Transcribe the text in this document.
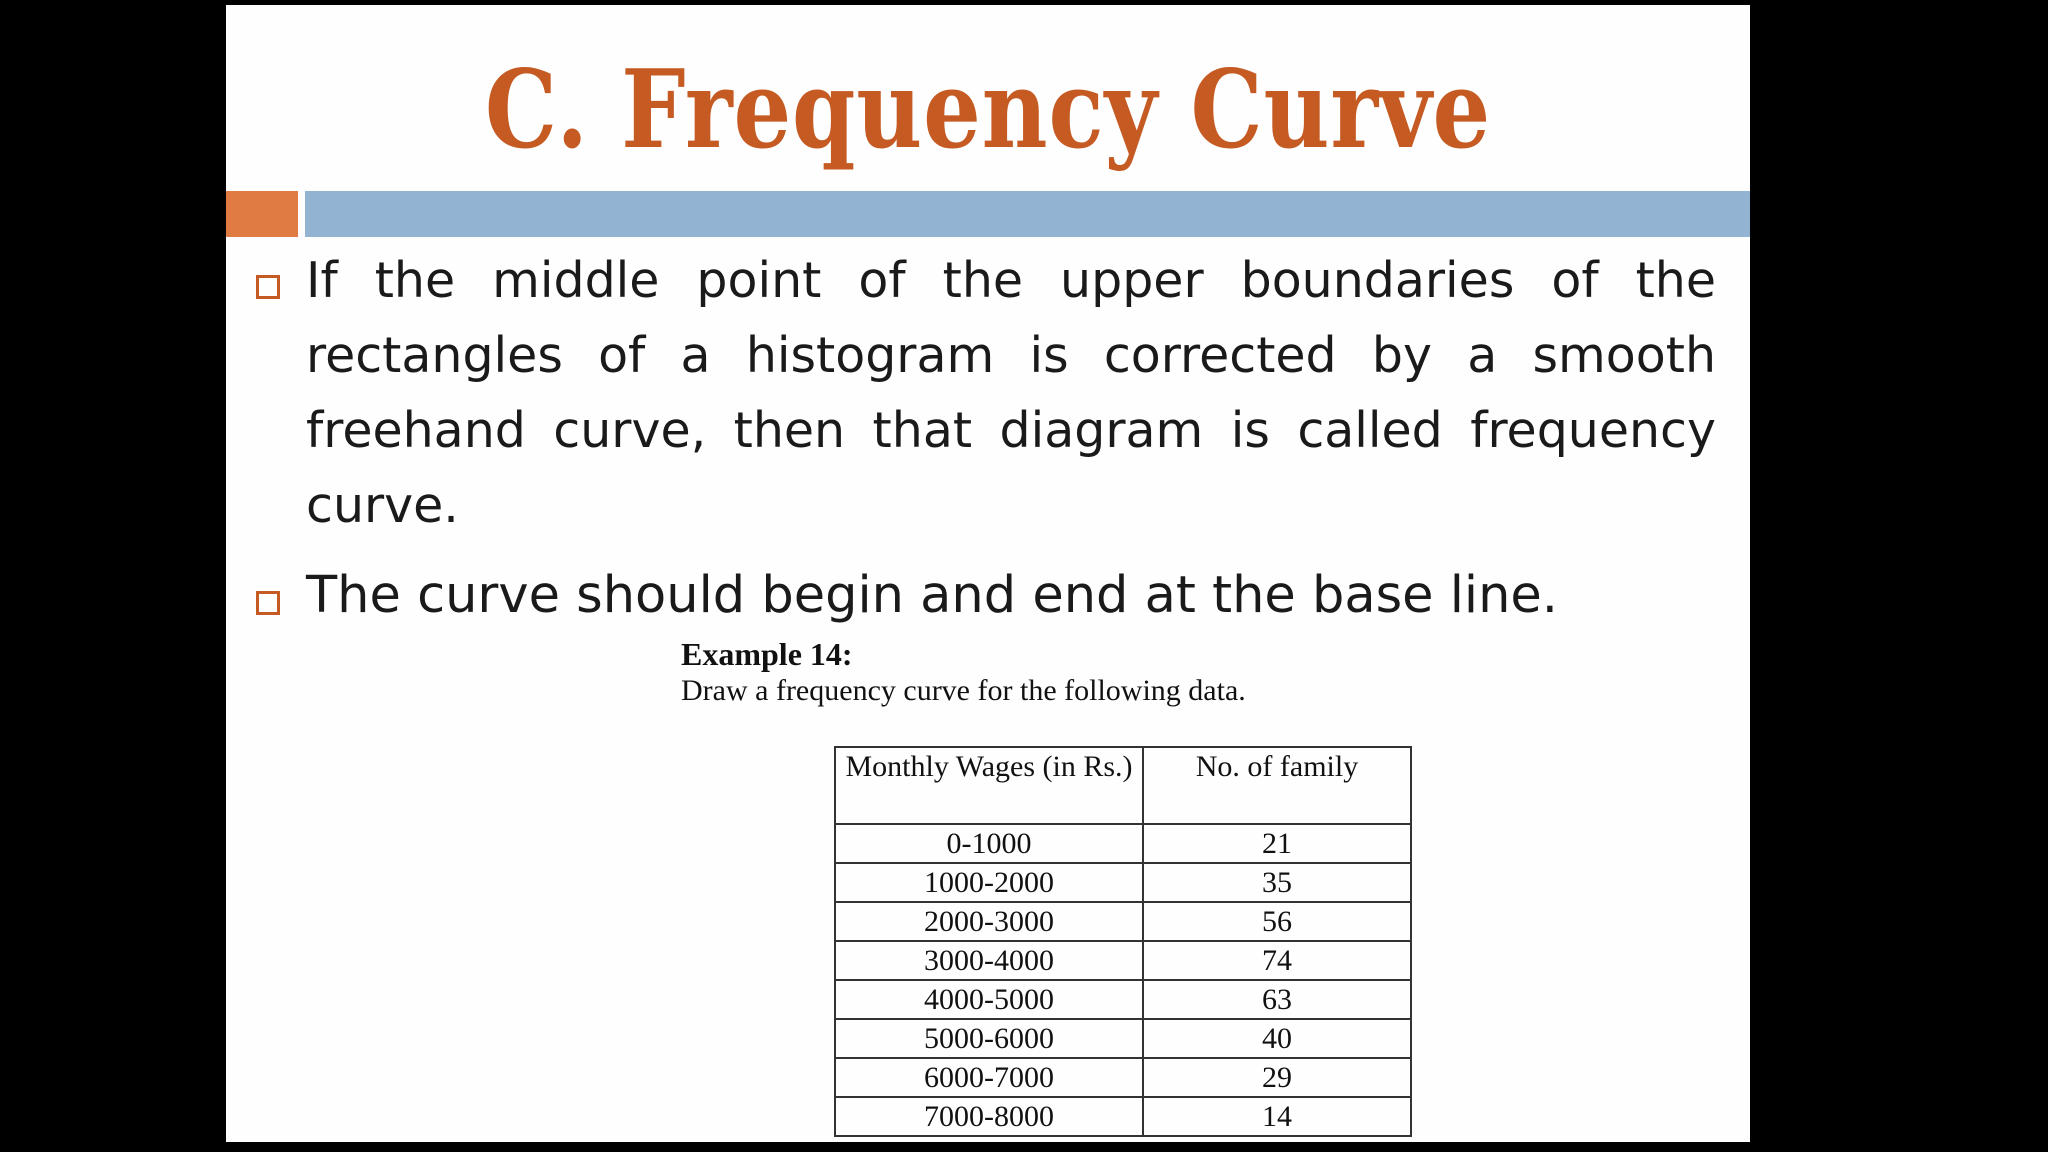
C. Frequency Curve
If the middle point of the upper boundaries of the rectangles of a histogram is corrected by a smooth freehand curve, then that diagram is called frequency curve.
The curve should begin and end at the base line.
Example 14:
Draw a frequency curve for the following data.
Monthly Wages (in Rs.)	No. of family
0-1000	21
1000-2000	35
2000-3000	56
3000-4000	74
4000-5000	63
5000-6000	40
6000-7000	29
7000-8000	14
